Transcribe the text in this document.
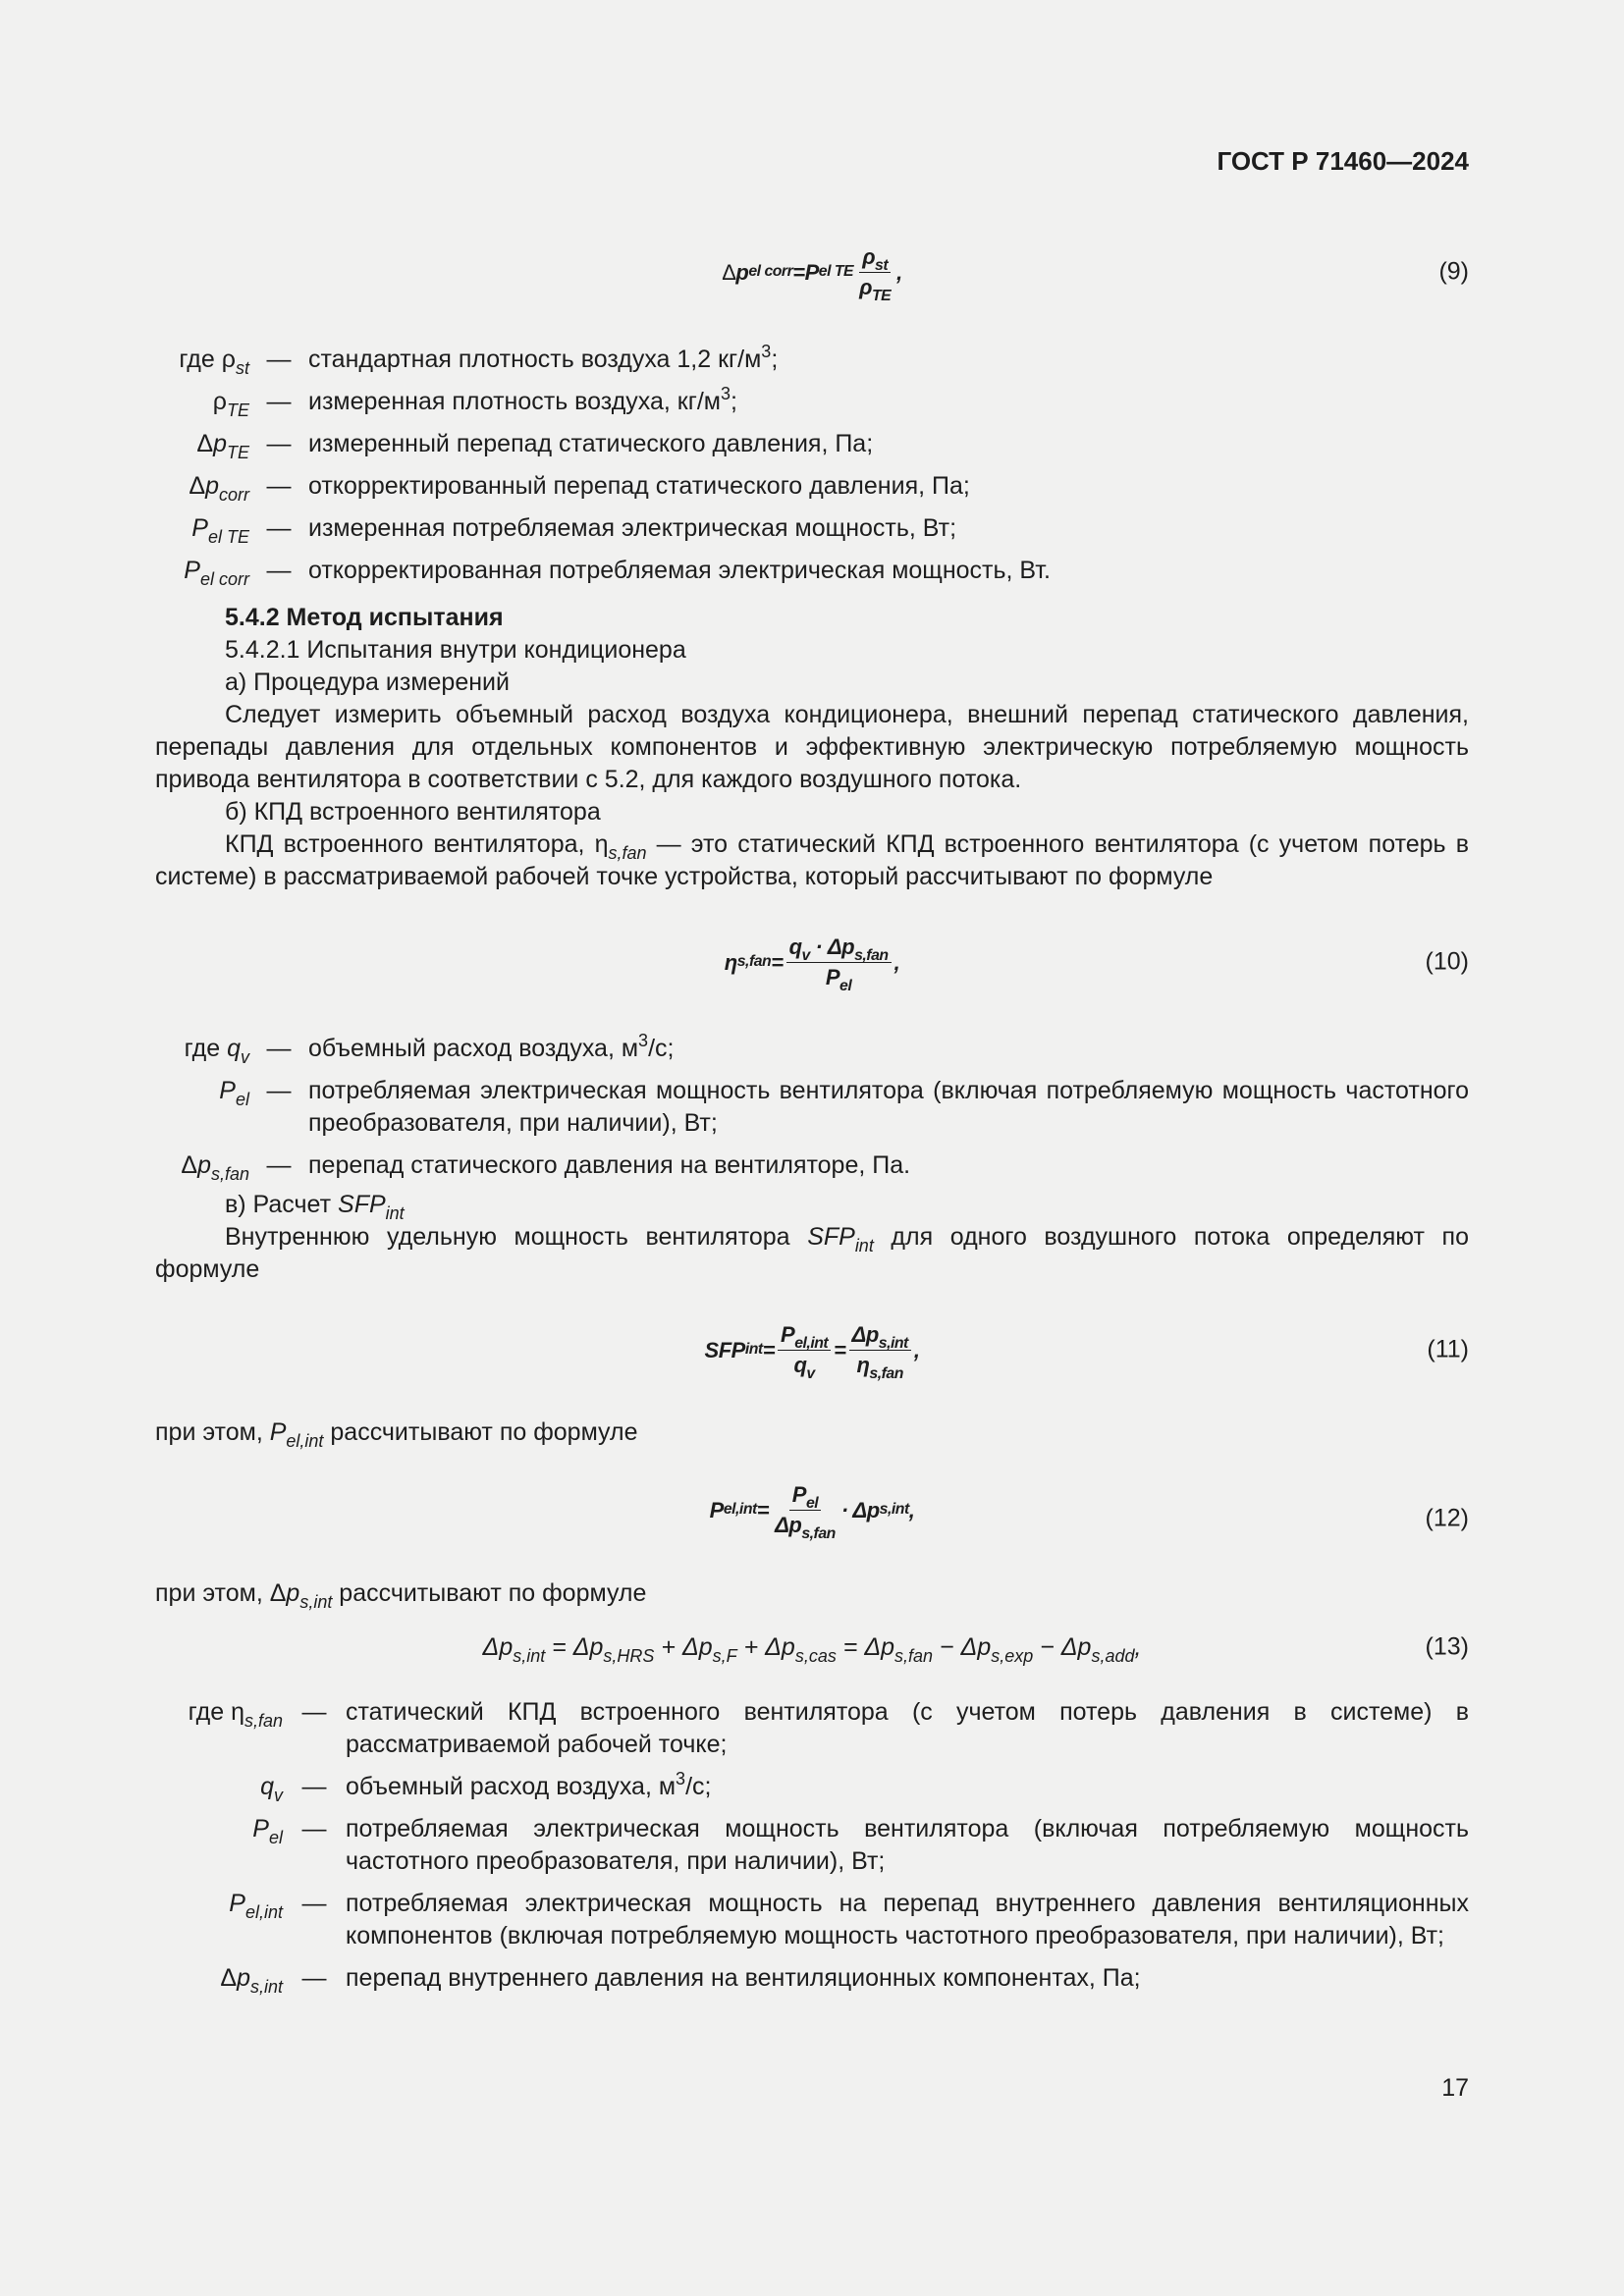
ГОСТ Р 71460—2024
Δ p el corr = P el TE $\frac{\rho_{st}}{\rho_{TE}}$ ,	(9)
где $\rho_{st}$ — стандартная плотность воздуха 1,2 $кг/м^3$;
$\rho_{TE}$ — измеренная плотность воздуха, $кг/м^3$;
$\Delta p_{TE}$ — измеренный перепад статического давления, Па;
$\Delta p_{corr}$ — откорректированный перепад статического давления, Па;
$P_{el TE}$ — измеренная потребляемая электрическая мощность, Вт;
$P_{el corr}$ — откорректированная потребляемая электрическая мощность, Вт.

5.4.2 Метод испытания

5.4.2.1 Испытания внутри кондиционера

а) Процедура измерений

Следует измерить объемный расход воздуха кондиционера, внешний перепад статического давления, перепады давления для отдельных компонентов и эффективную электрическую потребляемую мощность привода вентилятора в соответствии с 5.2, для каждого воздушного потока.

б) КПД встроенного вентилятора

КПД встроенного вентилятора, $\eta_{s,fan}$ — это статический КПД встроенного вентилятора (с учетом потерь в системе) в рассматриваемой рабочей точке устройства, который рассчитывают по формуле

η $s,fan = \frac{q_v \cdot \Delta p_{s,fan}}{P_{el}}$ ,	(10)
где $q_v$ — объемный расход воздуха, $м^3/с$;
$P_{el}$ — потребляемая электрическая мощность вентилятора (включая потребляемую мощность частотного преобразователя, при наличии), Вт;
$\Delta p_{s,fan}$ — перепад статического давления на вентиляторе, Па.

в) Расчет $SFP_{int}$

Внутреннюю удельную мощность вентилятора $SFP_{int}$ для одного воздушного потока определяют по формуле

SFP int = $\frac{P_{el,int}}{q_v} = \frac{\Delta p_{s,int}}{\eta_{s,fan}}$ ,	(11)

при этом, $P_{el,int}$ рассчитывают по формуле

P $el,int = \frac{P_{el}}{\Delta p_{s,fan}} \cdot \Delta$ p s,int ,	(12)

при этом, $\Delta p_{s,int}$ рассчитывают по формуле

$\Delta p_{s,int} = \Delta p_{s,HRS} + \Delta p_{s,F} + \Delta p_{s,cas} = \Delta p_{s,fan} - \Delta p_{s,exp} - \Delta p_{s,add}$,	(13)
где $\eta_{s,fan}$ — статический КПД встроенного вентилятора (с учетом потерь давления в системе) в рассматриваемой рабочей точке;
$q_v$ — объемный расход воздуха, $м^3/с$;
$P_{el}$ — потребляемая электрическая мощность вентилятора (включая потребляемую мощность частотного преобразователя, при наличии), Вт;
$P_{el,int}$ — потребляемая электрическая мощность на перепад внутреннего давления вентиляционных компонентов (включая потребляемую мощность частотного преобразователя, при наличии), Вт;
$\Delta p_{s,int}$ — перепад внутреннего давления на вентиляционных компонентах, Па;
17
